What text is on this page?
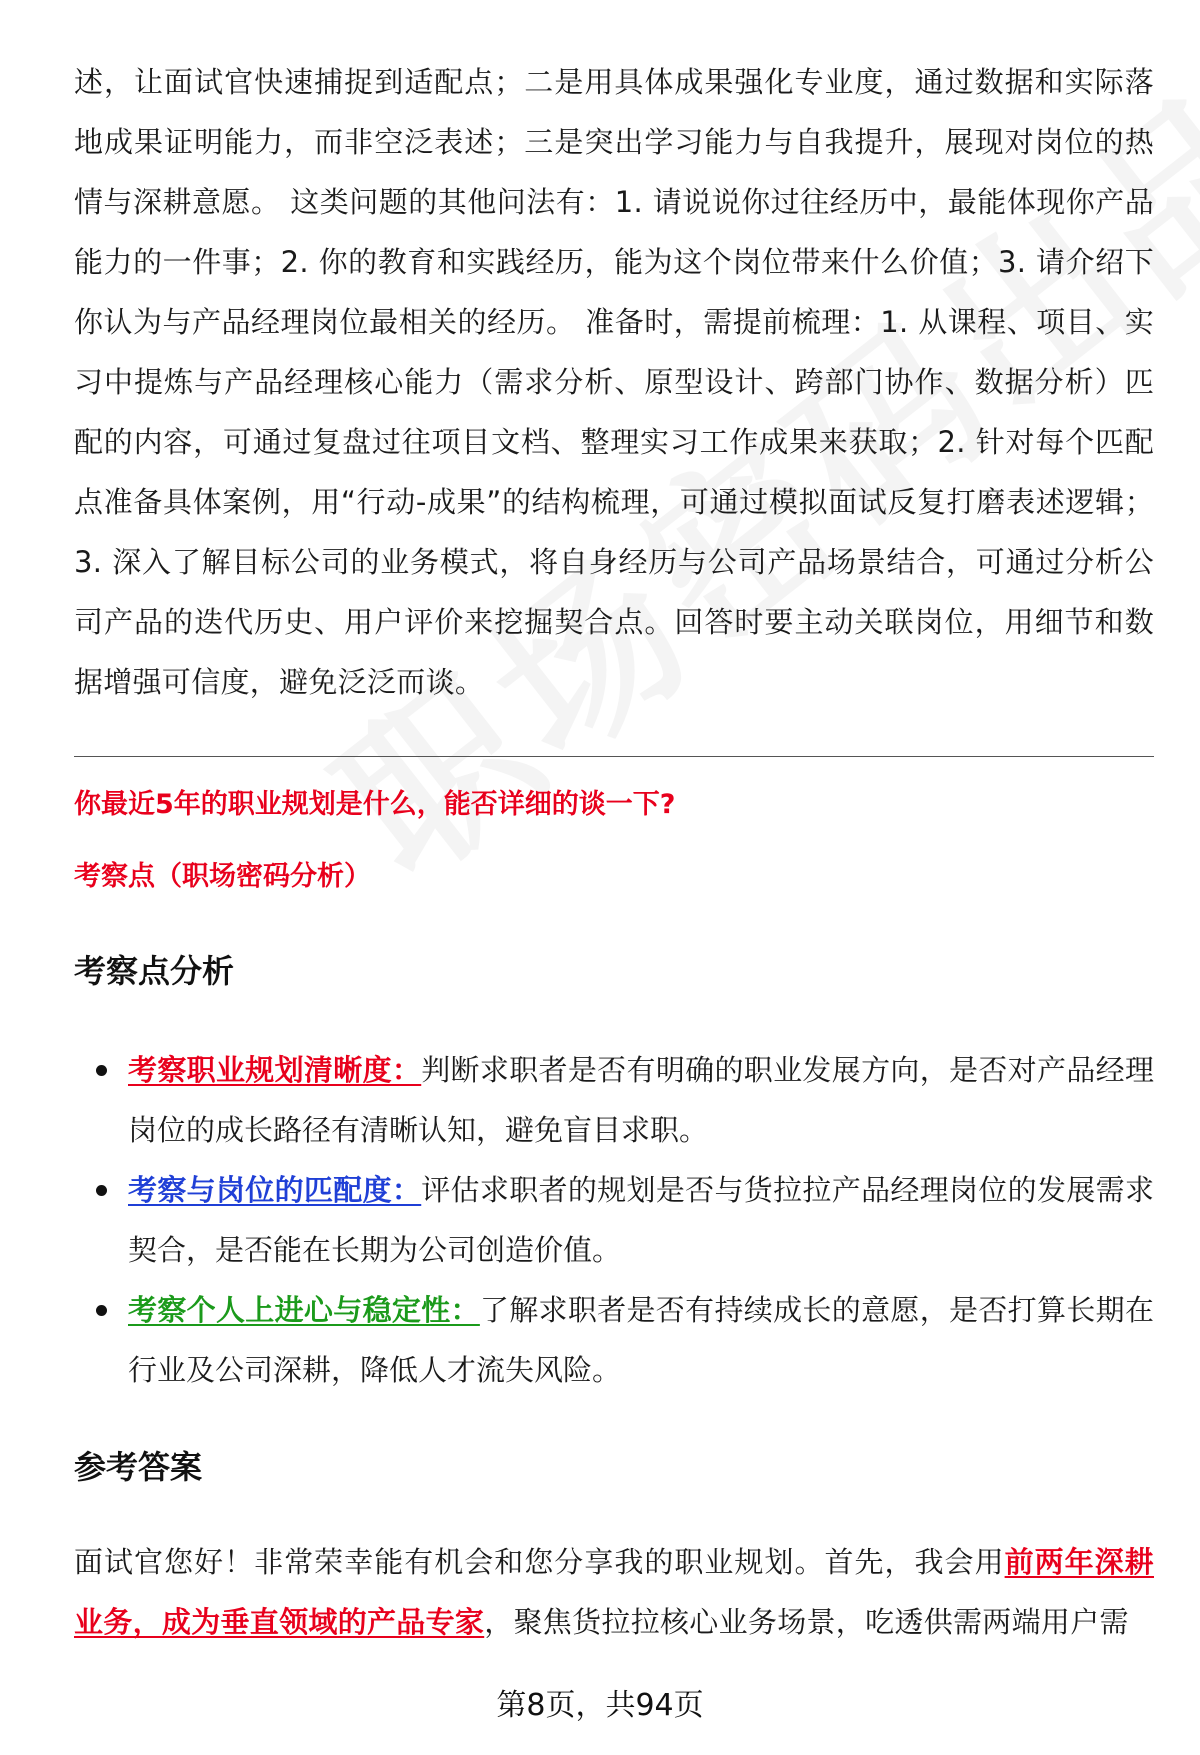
述，让面试官快速捕捉到适配点；二是用具体成果强化专业度，通过数据和实际落地成果证明能力，而非空泛表述；三是突出学习能力与自我提升，展现对岗位的热情与深耕意愿。 这类问题的其他问法有：1. 请说说你过往经历中，最能体现你产品能力的一件事；2. 你的教育和实践经历，能为这个岗位带来什么价值；3. 请介绍下你认为与产品经理岗位最相关的经历。 准备时，需提前梳理：1. 从课程、项目、实习中提炼与产品经理核心能力（需求分析、原型设计、跨部门协作、数据分析）匹配的内容，可通过复盘过往项目文档、整理实习工作成果来获取；2. 针对每个匹配点准备具体案例，用“行动-成果”的结构梳理，可通过模拟面试反复打磨表述逻辑；3. 深入了解目标公司的业务模式，将自身经历与公司产品场景结合，可通过分析公司产品的迭代历史、用户评价来挖掘契合点。回答时要主动关联岗位，用细节和数据增强可信度，避免泛泛而谈。

你最近5年的职业规划是什么，能否详细的谈一下?
考察点（职场密码分析）
考察点分析
考察职业规划清晰度：判断求职者是否有明确的职业发展方向，是否对产品经理岗位的成长路径有清晰认知，避免盲目求职。
考察与岗位的匹配度：评估求职者的规划是否与货拉拉产品经理岗位的发展需求契合，是否能在长期为公司创造价值。
考察个人上进心与稳定性：了解求职者是否有持续成长的意愿，是否打算长期在行业及公司深耕，降低人才流失风险。
参考答案

面试官您好！非常荣幸能有机会和您分享我的职业规划。首先，我会用前两年深耕业务，成为垂直领域的产品专家，聚焦货拉拉核心业务场景，吃透供需两端用户需

第8页，共94页
